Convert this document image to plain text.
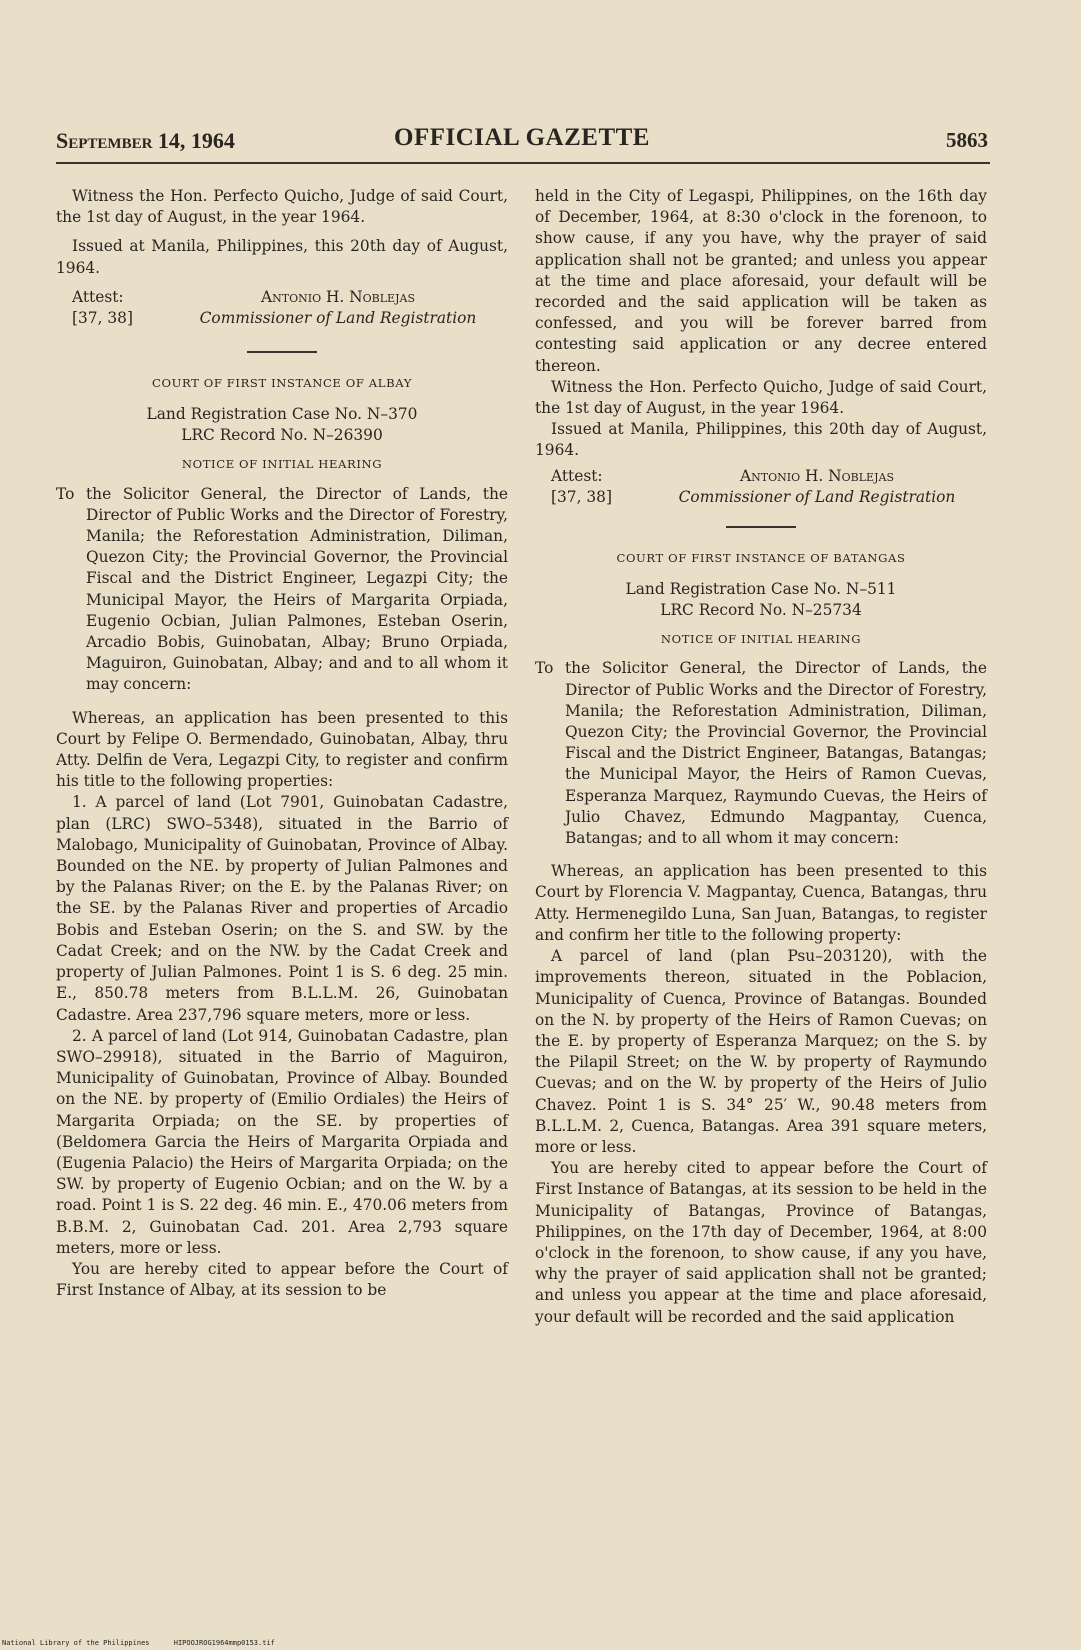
September 14, 1964	OFFICIAL GAZETTE	5863

Witness the Hon. Perfecto Quicho, Judge of said Court, the 1st day of August, in the year 1964.

Issued at Manila, Philippines, this 20th day of August, 1964.

Attest:	Antonio H. Noblejas
[37, 38]	Commissioner of Land Registration
COURT OF FIRST INSTANCE OF ALBAY
Land Registration Case No. N–370
LRC Record No. N–26390
NOTICE OF INITIAL HEARING

To the Solicitor General, the Director of Lands, the Director of Public Works and the Director of Forestry, Manila; the Reforestation Administration, Diliman, Quezon City; the Provincial Governor, the Provincial Fiscal and the District Engineer, Legazpi City; the Municipal Mayor, the Heirs of Margarita Orpiada, Eugenio Ocbian, Julian Palmones, Esteban Oserin, Arcadio Bobis, Guinobatan, Albay; Bruno Orpiada, Maguiron, Guinobatan, Albay; and and to all whom it may concern:

Whereas, an application has been presented to this Court by Felipe O. Bermendado, Guinobatan, Albay, thru Atty. Delfin de Vera, Legazpi City, to register and confirm his title to the following properties:

1. A parcel of land (Lot 7901, Guinobatan Cadastre, plan (LRC) SWO–5348), situated in the Barrio of Malobago, Municipality of Guinobatan, Province of Albay. Bounded on the NE. by property of Julian Palmones and by the Palanas River; on the E. by the Palanas River; on the SE. by the Palanas River and properties of Arcadio Bobis and Esteban Oserin; on the S. and SW. by the Cadat Creek; and on the NW. by the Cadat Creek and property of Julian Palmones. Point 1 is S. 6 deg. 25 min. E., 850.78 meters from B.L.L.M. 26, Guinobatan Cadastre. Area 237,796 square meters, more or less.

2. A parcel of land (Lot 914, Guinobatan Cadastre, plan SWO–29918), situated in the Barrio of Maguiron, Municipality of Guinobatan, Province of Albay. Bounded on the NE. by property of (Emilio Ordiales) the Heirs of Margarita Orpiada; on the SE. by properties of (Beldomera Garcia the Heirs of Margarita Orpiada and (Eugenia Palacio) the Heirs of Margarita Orpiada; on the SW. by property of Eugenio Ocbian; and on the W. by a road. Point 1 is S. 22 deg. 46 min. E., 470.06 meters from B.B.M. 2, Guinobatan Cad. 201. Area 2,793 square meters, more or less.

You are hereby cited to appear before the Court of First Instance of Albay, at its session to be

held in the City of Legaspi, Philippines, on the 16th day of December, 1964, at 8:30 o'clock in the forenoon, to show cause, if any you have, why the prayer of said application shall not be granted; and unless you appear at the time and place aforesaid, your default will be recorded and the said application will be taken as confessed, and you will be forever barred from contesting said application or any decree entered thereon.

Witness the Hon. Perfecto Quicho, Judge of said Court, the 1st day of August, in the year 1964.

Issued at Manila, Philippines, this 20th day of August, 1964.

Attest:	Antonio H. Noblejas
[37, 38]	Commissioner of Land Registration
COURT OF FIRST INSTANCE OF BATANGAS
Land Registration Case No. N–511
LRC Record No. N–25734
NOTICE OF INITIAL HEARING

To the Solicitor General, the Director of Lands, the Director of Public Works and the Director of Forestry, Manila; the Reforestation Administration, Diliman, Quezon City; the Provincial Governor, the Provincial Fiscal and the District Engineer, Batangas, Batangas; the Municipal Mayor, the Heirs of Ramon Cuevas, Esperanza Marquez, Raymundo Cuevas, the Heirs of Julio Chavez, Edmundo Magpantay, Cuenca, Batangas; and to all whom it may concern:

Whereas, an application has been presented to this Court by Florencia V. Magpantay, Cuenca, Batangas, thru Atty. Hermenegildo Luna, San Juan, Batangas, to register and confirm her title to the following property:

A parcel of land (plan Psu–203120), with the improvements thereon, situated in the Poblacion, Municipality of Cuenca, Province of Batangas. Bounded on the N. by property of the Heirs of Ramon Cuevas; on the E. by property of Esperanza Marquez; on the S. by the Pilapil Street; on the W. by property of Raymundo Cuevas; and on the W. by property of the Heirs of Julio Chavez. Point 1 is S. 34° 25′ W., 90.48 meters from B.L.L.M. 2, Cuenca, Batangas. Area 391 square meters, more or less.

You are hereby cited to appear before the Court of First Instance of Batangas, at its session to be held in the Municipality of Batangas, Province of Batangas, Philippines, on the 17th day of December, 1964, at 8:00 o'clock in the forenoon, to show cause, if any you have, why the prayer of said application shall not be granted; and unless you appear at the time and place aforesaid, your default will be recorded and the said application

National Library of the Philippines	HIPOOJROG1964mmp0153.tif
